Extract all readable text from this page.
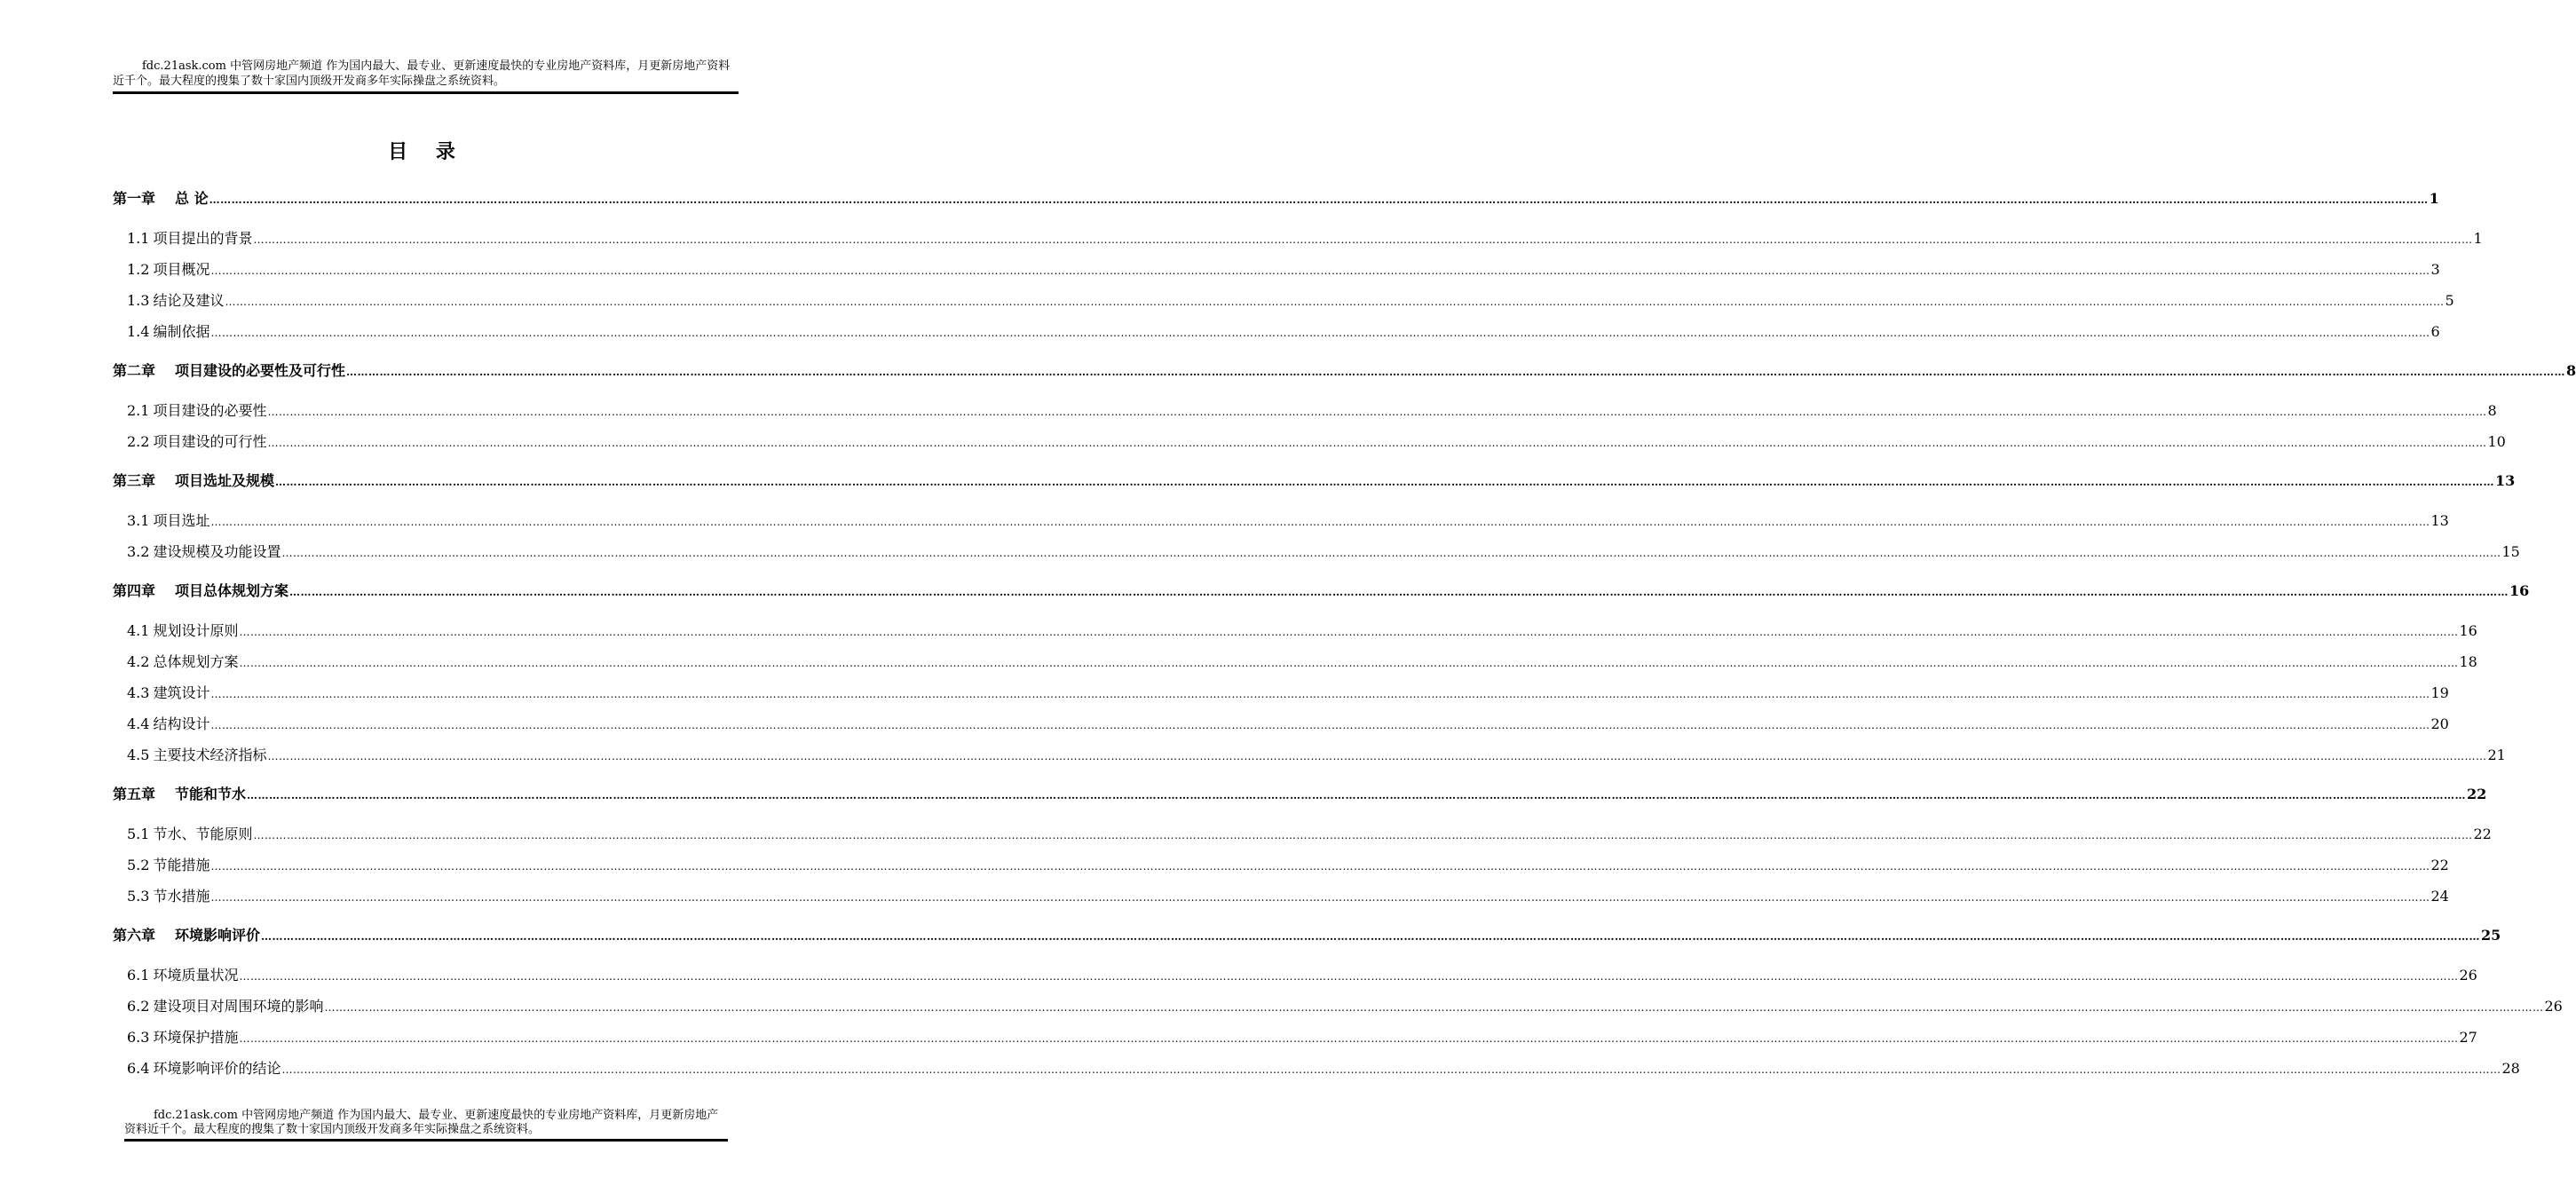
fdc.21ask.com 中管网房地产频道 作为国内最大、最专业、更新速度最快的专业房地产资料库，月更新房地产资料近千个。最大程度的搜集了数十家国内顶级开发商多年实际操盘之系统资料。
目 录
第一章 总 论 …………………………………………………………………………………………………………………………………………………………………………………………………………………………………………………………………………………………………………………………………………………………………………………………………………………………………………………………………………………………………………………………………………………… 1
1.1 项目提出的背景 …………………………………………………………………………………………………………………………………………………………………………………………………………………………………………………………………………………………………………………………………………………………………………………………………………………………………………………………………………………………………………………………………………………… 1
1.2 项目概况 …………………………………………………………………………………………………………………………………………………………………………………………………………………………………………………………………………………………………………………………………………………………………………………………………………………………………………………………………………………………………………………………………………………… 3
1.3 结论及建议 …………………………………………………………………………………………………………………………………………………………………………………………………………………………………………………………………………………………………………………………………………………………………………………………………………………………………………………………………………………………………………………………………………………… 5
1.4 编制依据 …………………………………………………………………………………………………………………………………………………………………………………………………………………………………………………………………………………………………………………………………………………………………………………………………………………………………………………………………………………………………………………………………………………… 6
第二章 项目建设的必要性及可行性 …………………………………………………………………………………………………………………………………………………………………………………………………………………………………………………………………………………………………………………………………………………………………………………………………………………………………………………………………………………………………………………………………………………… 8
2.1 项目建设的必要性 …………………………………………………………………………………………………………………………………………………………………………………………………………………………………………………………………………………………………………………………………………………………………………………………………………………………………………………………………………………………………………………………………………………… 8
2.2 项目建设的可行性 …………………………………………………………………………………………………………………………………………………………………………………………………………………………………………………………………………………………………………………………………………………………………………………………………………………………………………………………………………………………………………………………………………………… 10
第三章 项目选址及规模 …………………………………………………………………………………………………………………………………………………………………………………………………………………………………………………………………………………………………………………………………………………………………………………………………………………………………………………………………………………………………………………………………………………… 13
3.1 项目选址 …………………………………………………………………………………………………………………………………………………………………………………………………………………………………………………………………………………………………………………………………………………………………………………………………………………………………………………………………………………………………………………………………………………… 13
3.2 建设规模及功能设置 …………………………………………………………………………………………………………………………………………………………………………………………………………………………………………………………………………………………………………………………………………………………………………………………………………………………………………………………………………………………………………………………………………………… 15
第四章 项目总体规划方案 …………………………………………………………………………………………………………………………………………………………………………………………………………………………………………………………………………………………………………………………………………………………………………………………………………………………………………………………………………………………………………………………………………………… 16
4.1 规划设计原则 …………………………………………………………………………………………………………………………………………………………………………………………………………………………………………………………………………………………………………………………………………………………………………………………………………………………………………………………………………………………………………………………………………………… 16
4.2 总体规划方案 …………………………………………………………………………………………………………………………………………………………………………………………………………………………………………………………………………………………………………………………………………………………………………………………………………………………………………………………………………………………………………………………………………………… 18
4.3 建筑设计 …………………………………………………………………………………………………………………………………………………………………………………………………………………………………………………………………………………………………………………………………………………………………………………………………………………………………………………………………………………………………………………………………………………… 19
4.4 结构设计 …………………………………………………………………………………………………………………………………………………………………………………………………………………………………………………………………………………………………………………………………………………………………………………………………………………………………………………………………………………………………………………………………………………… 20
4.5 主要技术经济指标 …………………………………………………………………………………………………………………………………………………………………………………………………………………………………………………………………………………………………………………………………………………………………………………………………………………………………………………………………………………………………………………………………………………… 21
第五章 节能和节水 …………………………………………………………………………………………………………………………………………………………………………………………………………………………………………………………………………………………………………………………………………………………………………………………………………………………………………………………………………………………………………………………………………………… 22
5.1 节水、节能原则 …………………………………………………………………………………………………………………………………………………………………………………………………………………………………………………………………………………………………………………………………………………………………………………………………………………………………………………………………………………………………………………………………………………… 22
5.2 节能措施 …………………………………………………………………………………………………………………………………………………………………………………………………………………………………………………………………………………………………………………………………………………………………………………………………………………………………………………………………………………………………………………………………………………… 22
5.3 节水措施 …………………………………………………………………………………………………………………………………………………………………………………………………………………………………………………………………………………………………………………………………………………………………………………………………………………………………………………………………………………………………………………………………………………… 24
第六章 环境影响评价 …………………………………………………………………………………………………………………………………………………………………………………………………………………………………………………………………………………………………………………………………………………………………………………………………………………………………………………………………………………………………………………………………………………… 25
6.1 环境质量状况 …………………………………………………………………………………………………………………………………………………………………………………………………………………………………………………………………………………………………………………………………………………………………………………………………………………………………………………………………………………………………………………………………………………… 26
6.2 建设项目对周围环境的影响 …………………………………………………………………………………………………………………………………………………………………………………………………………………………………………………………………………………………………………………………………………………………………………………………………………………………………………………………………………………………………………………………………………………… 26
6.3 环境保护措施 …………………………………………………………………………………………………………………………………………………………………………………………………………………………………………………………………………………………………………………………………………………………………………………………………………………………………………………………………………………………………………………………………………………… 27
6.4 环境影响评价的结论 …………………………………………………………………………………………………………………………………………………………………………………………………………………………………………………………………………………………………………………………………………………………………………………………………………………………………………………………………………………………………………………………………………………… 28
fdc.21ask.com 中管网房地产频道 作为国内最大、最专业、更新速度最快的专业房地产资料库，月更新房地产资料近千个。最大程度的搜集了数十家国内顶级开发商多年实际操盘之系统资料。
